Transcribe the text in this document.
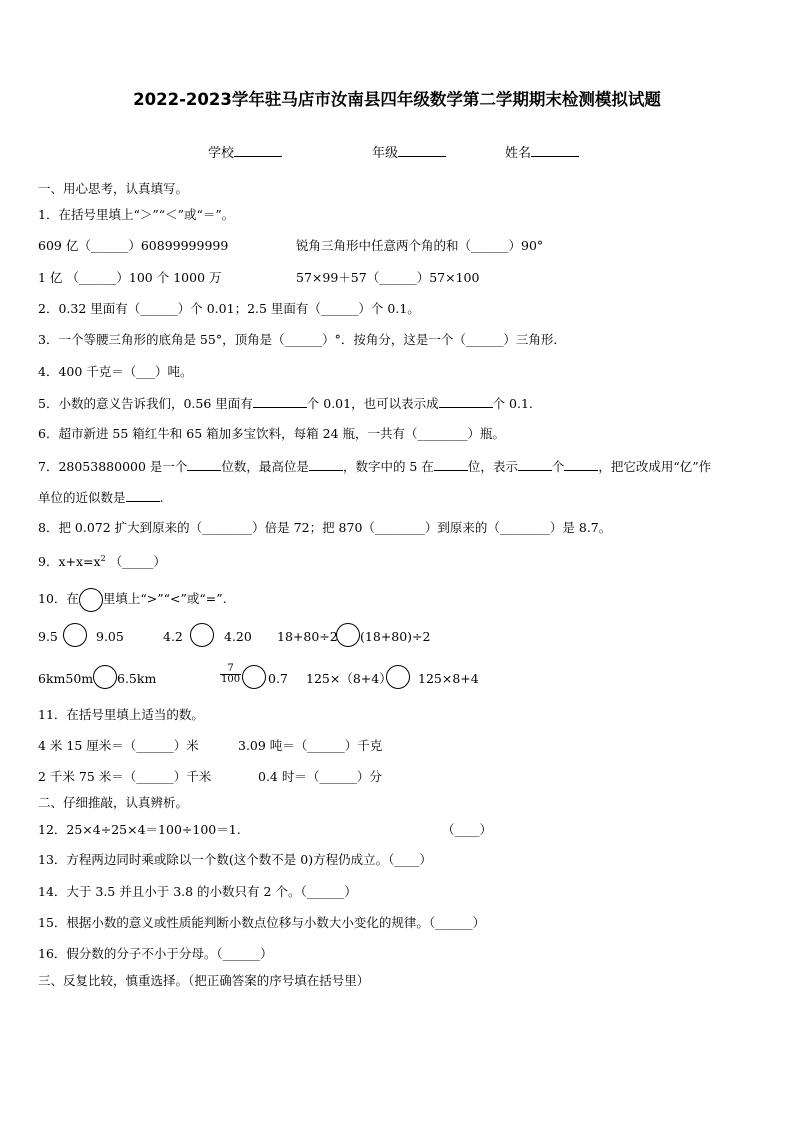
2022-2023学年驻马店市汝南县四年级数学第二学期期末检测模拟试题
学校	年级	姓名
一、用心思考，认真填写。
1．在括号里填上“＞”“＜”或“＝”。
609 亿（______）60899999999	锐角三角形中任意两个角的和（______）90°
1 亿 （______）100 个 1000 万	57×99＋57（______）57×100
2．0.32 里面有（______）个 0.01；2.5 里面有（______）个 0.1。
3．一个等腰三角形的底角是 55°，顶角是（______）°．按角分，这是一个（______）三角形．
4．400 千克＝（___）吨。
5．小数的意义告诉我们，0.56 里面有	个 0.01，也可以表示成	个 0.1.
6．超市新进 55 箱红牛和 65 箱加多宝饮料，每箱 24 瓶，一共有（________）瓶。
7．28053880000 是一个	位数，最高位是	，数字中的 5 在	位，表示	个	，把它改成用“亿”作
单位的近似数是	.
8．把 0.072 扩大到原来的（________）倍是 72；把 870（________）到原来的（________）是 8.7。
9．$x+x=x^2$ （_____）
10．在 里填上“>”“<”或“=”.
9.5	9.05	4.2	4.20 18+80÷2 (18+80)÷2
6km50m 6.5km	$\frac{7}{100} 0.7$ 125×（8+4） 125×8+4
11．在括号里填上适当的数。
4 米 15 厘米＝（______）米	3.09 吨＝（______）千克
2 千米 75 米＝（______）千米	0.4 时＝（______）分
二、仔细推敲，认真辨析。
12．25×4÷25×4＝100÷100＝1.	（____）
13．方程两边同时乘或除以一个数(这个数不是 0)方程仍成立。（____）
14．大于 3.5 并且小于 3.8 的小数只有 2 个。（______）
15．根据小数的意义或性质能判断小数点位移与小数大小变化的规律。（______）
16．假分数的分子不小于分母。（______）
三、反复比较，慎重选择。（把正确答案的序号填在括号里）
